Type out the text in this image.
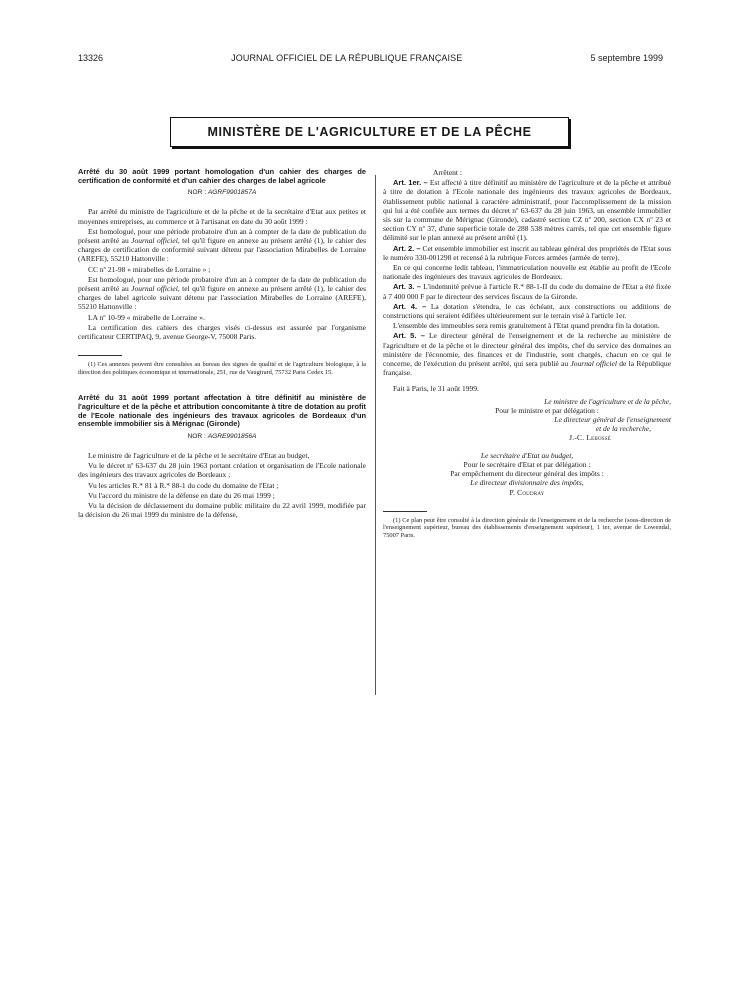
13326	JOURNAL OFFICIEL DE LA RÉPUBLIQUE FRANÇAISE	5 septembre 1999
MINISTÈRE DE L'AGRICULTURE ET DE LA PÊCHE
Arrêté du 30 août 1999 portant homologation d'un cahier des charges de certification de conformité et d'un cahier des charges de label agricole
NOR : AGRF9901857A

Par arrêté du ministre de l'agriculture et de la pêche et de la secrétaire d'Etat aux petites et moyennes entreprises, au commerce et à l'artisanat en date du 30 août 1999 :

Est homologué, pour une période probatoire d'un an à compter de la date de publication du présent arrêté au Journal officiel, tel qu'il figure en annexe au présent arrêté (1), le cahier des charges de certification de conformité suivant détenu par l'association Mirabelles de Lorraine (AREFE), 55210 Hattonville :

CC nº 21-98 « mirabelles de Lorraine » ;

Est homologué, pour une période probatoire d'un an à compter de la date de publication du présent arrêté au Journal officiel, tel qu'il figure en annexe au présent arrêté (1), le cahier des charges de label agricole suivant détenu par l'association Mirabelles de Lorraine (AREFE), 55210 Hattonville :

LA nº 10-99 « mirabelle de Lorraine ».

La certification des cahiers des charges visés ci-dessus est assurée par l'organisme certificateur CERTIPAQ, 9, avenue George-V, 75008 Paris.

(1) Ces annexes peuvent être consultées au bureau des signes de qualité et de l'agriculture biologique, à la direction des politiques économique et internationale, 251, rue de Vaugirard, 75732 Paris Cedex 15.

Arrêté du 31 août 1999 portant affectation à titre définitif au ministère de l'agriculture et de la pêche et attribution concomitante à titre de dotation au profit de l'Ecole nationale des ingénieurs des travaux agricoles de Bordeaux d'un ensemble immobilier sis à Mérignac (Gironde)
NOR : AGRE9901856A

Le ministre de l'agriculture et de la pêche et le secrétaire d'Etat au budget,

Vu le décret nº 63-637 du 28 juin 1963 portant création et organisation de l'Ecole nationale des ingénieurs des travaux agricoles de Bordeaux ;

Vu les articles R.* 81 à R.* 88-1 du code du domaine de l'Etat ;

Vu l'accord du ministre de la défense en date du 26 mai 1999 ;

Vu la décision de déclassement du domaine public militaire du 22 avril 1999, modifiée par la décision du 26 mai 1999 du ministre de la défense,

Arrêtent :

Art. 1er. – Est affecté à titre définitif au ministère de l'agriculture et de la pêche et attribué à titre de dotation à l'Ecole nationale des ingénieurs des travaux agricoles de Bordeaux, établissement public national à caractère administratif, pour l'accomplissement de la mission qui lui a été confiée aux termes du décret nº 63-637 du 28 juin 1963, un ensemble immobilier sis sur la commune de Mérignac (Gironde), cadastré section CZ nº 200, section CX nº 23 et section CY nº 37, d'une superficie totale de 288 538 mètres carrés, tel que cet ensemble figure délimité sur le plan annexé au présent arrêté (1).

Art. 2. – Cet ensemble immobilier est inscrit au tableau général des propriétés de l'Etat sous le numéro 330-001298 et recensé à la rubrique Forces armées (armée de terre).

En ce qui concerne ledit tableau, l'immatriculation nouvelle est établie au profit de l'Ecole nationale des ingénieurs des travaux agricoles de Bordeaux.

Art. 3. – L'indemnité prévue à l'article R.* 88-1-II du code du domaine de l'Etat a été fixée à 7 400 000 F par le directeur des services fiscaux de la Gironde.

Art. 4. – La dotation s'étendra, le cas échéant, aux constructions ou additions de constructions qui seraient édifiées ultérieurement sur le terrain visé à l'article 1er.

L'ensemble des immeubles sera remis gratuitement à l'Etat quand prendra fin la dotation.

Art. 5. – Le directeur général de l'enseignement et de la recherche au ministère de l'agriculture et de la pêche et le directeur général des impôts, chef du service des domaines au ministère de l'économie, des finances et de l'industrie, sont chargés, chacun en ce qui le concerne, de l'exécution du présent arrêté, qui sera publié au Journal officiel de la République française.

Fait à Paris, le 31 août 1999.

Le ministre de l'agriculture et de la pêche,
Pour le ministre et par délégation :
Le directeur général de l'enseignement
et de la recherche,
J.-C. Lebossé
Le secrétaire d'Etat au budget,
Pour le secrétaire d'Etat et par délégation :
Par empêchement du directeur général des impôts :
Le directeur divisionnaire des impôts,
P. Coudray

(1) Ce plan peut être consulté à la direction générale de l'enseignement et de la recherche (sous-direction de l'enseignement supérieur, bureau des établissements d'enseignement supérieur), 1 ter, avenue de Lowendal, 75007 Paris.
